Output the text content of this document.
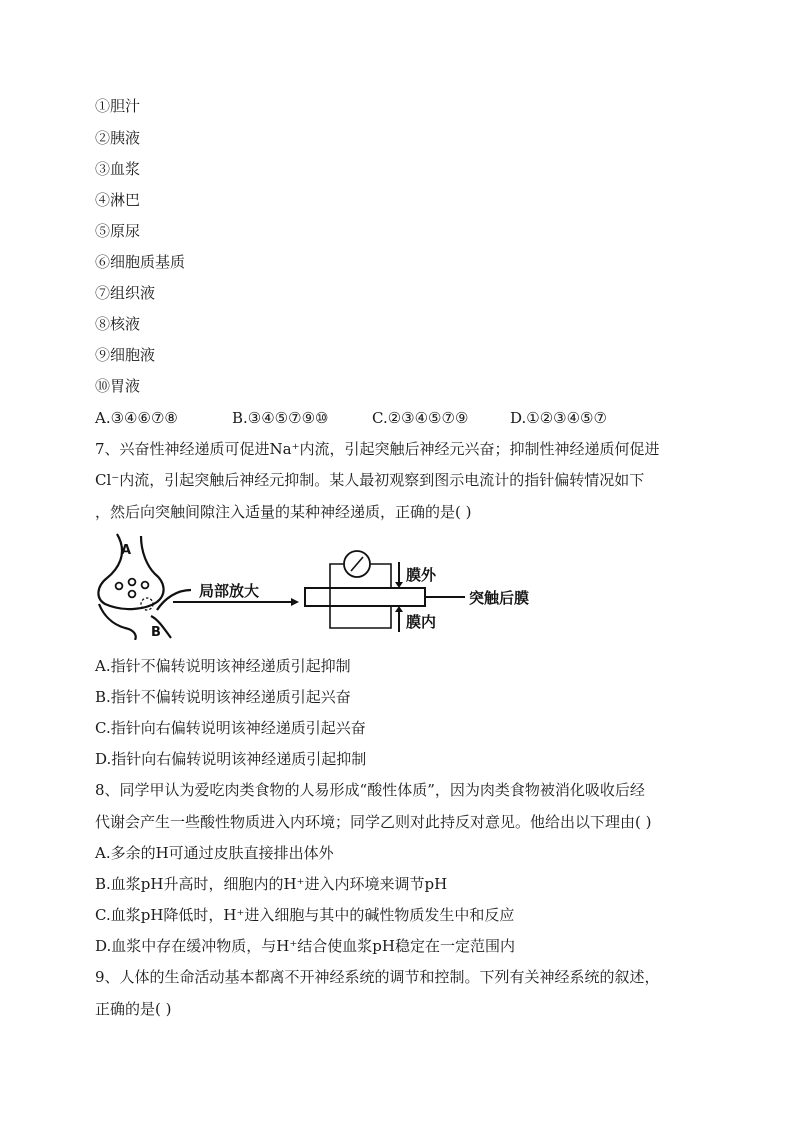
①胆汁
②胰液
③血浆
④淋巴
⑤原尿
⑥细胞质基质
⑦组织液
⑧核液
⑨细胞液
⑩胃液
A.③④⑥⑦⑧	B.③④⑤⑦⑨⑩	C.②③④⑤⑦⑨	D.①②③④⑤⑦
7、兴奋性神经递质可促进Na⁺内流，引起突触后神经元兴奋；抑制性神经递质何促进
Cl⁻内流，引起突触后神经元抑制。某人最初观察到图示电流计的指针偏转情况如下
，然后向突触间隙注入适量的某种神经递质，正确的是( )
A
B
局部放大	突触后膜
膜外
膜内
A.指针不偏转说明该神经递质引起抑制
B.指针不偏转说明该神经递质引起兴奋
C.指针向右偏转说明该神经递质引起兴奋
D.指针向右偏转说明该神经递质引起抑制
8、同学甲认为爱吃肉类食物的人易形成“酸性体质”，因为肉类食物被消化吸收后经
代谢会产生一些酸性物质进入内环境；同学乙则对此持反对意见。他给出以下理由( )
A.多余的H可通过皮肤直接排出体外
B.血浆pH升高时，细胞内的H⁺进入内环境来调节pH
C.血浆pH降低时，H⁺进入细胞与其中的碱性物质发生中和反应
D.血浆中存在缓冲物质，与H⁺结合使血浆pH稳定在一定范围内
9、人体的生命活动基本都离不开神经系统的调节和控制。下列有关神经系统的叙述，
正确的是( )
